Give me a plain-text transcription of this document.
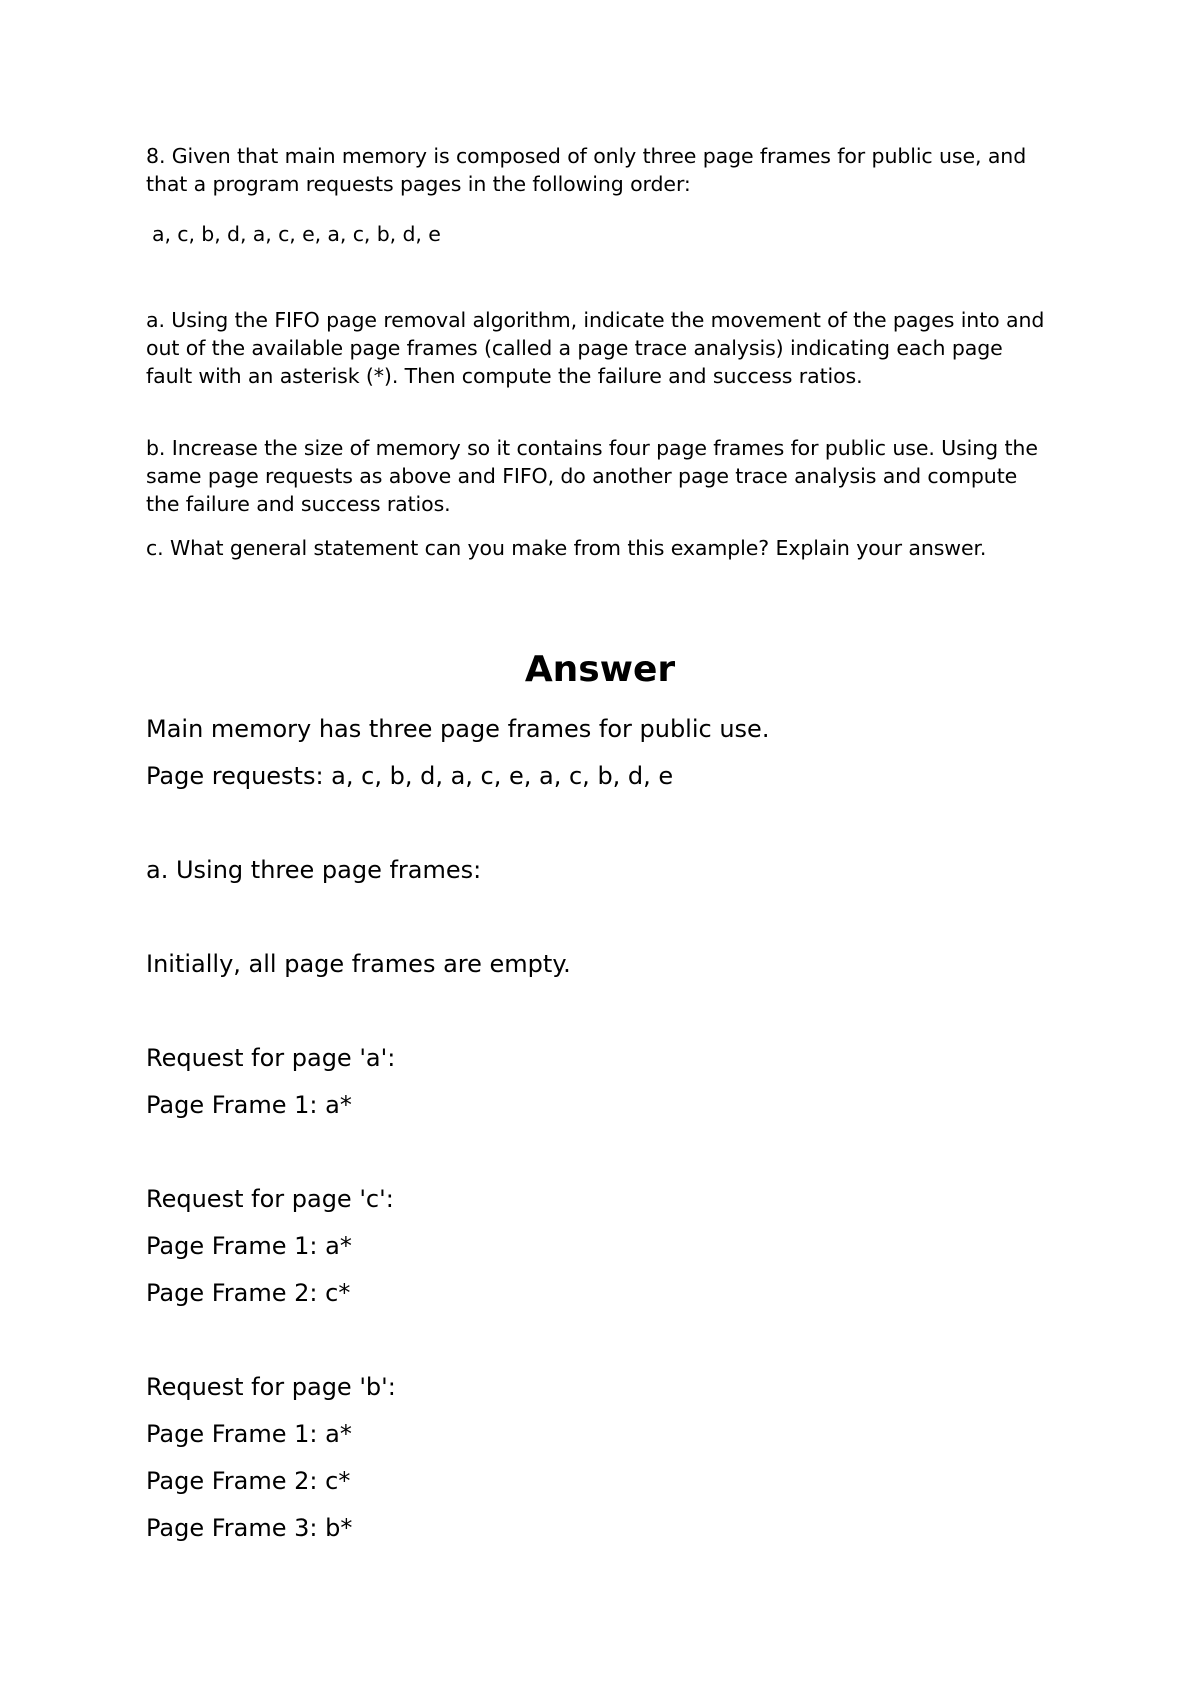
8. Given that main memory is composed of only three page frames for public use, and that a program requests pages in the following order:

a, c, b, d, a, c, e, a, c, b, d, e

a. Using the FIFO page removal algorithm, indicate the movement of the pages into and out of the available page frames (called a page trace analysis) indicating each page fault with an asterisk (*). Then compute the failure and success ratios.

b. Increase the size of memory so it contains four page frames for public use. Using the same page requests as above and FIFO, do another page trace analysis and compute the failure and success ratios.

c. What general statement can you make from this example? Explain your answer.

Answer

Main memory has three page frames for public use.

Page requests: a, c, b, d, a, c, e, a, c, b, d, e

a. Using three page frames:

Initially, all page frames are empty.

Request for page 'a':

Page Frame 1: a*

Request for page 'c':

Page Frame 1: a*

Page Frame 2: c*

Request for page 'b':

Page Frame 1: a*

Page Frame 2: c*

Page Frame 3: b*
